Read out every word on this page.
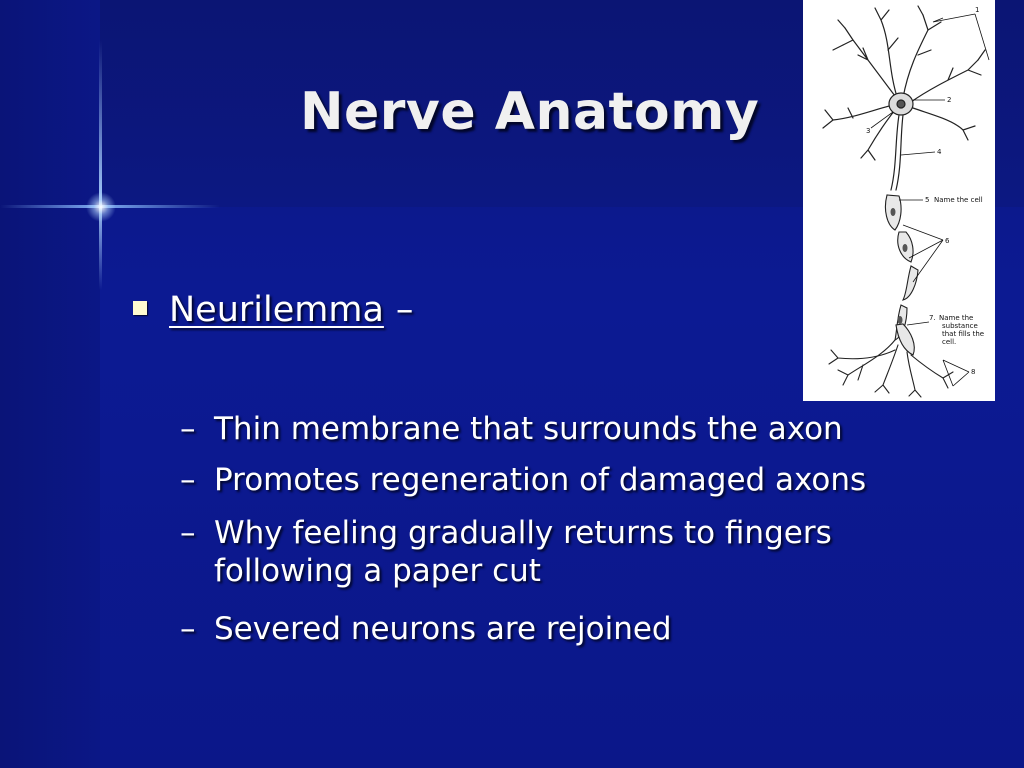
Nerve Anatomy
Neurilemma –
– Thin membrane that surrounds the axon
– Promotes regeneration of damaged axons
– Why feeling gradually returns to fingers
following a paper cut
– Severed neurons are rejoined
1
2
3
4
5 Name the cell
6
7. Name the
substance
that fills the
cell.
8
